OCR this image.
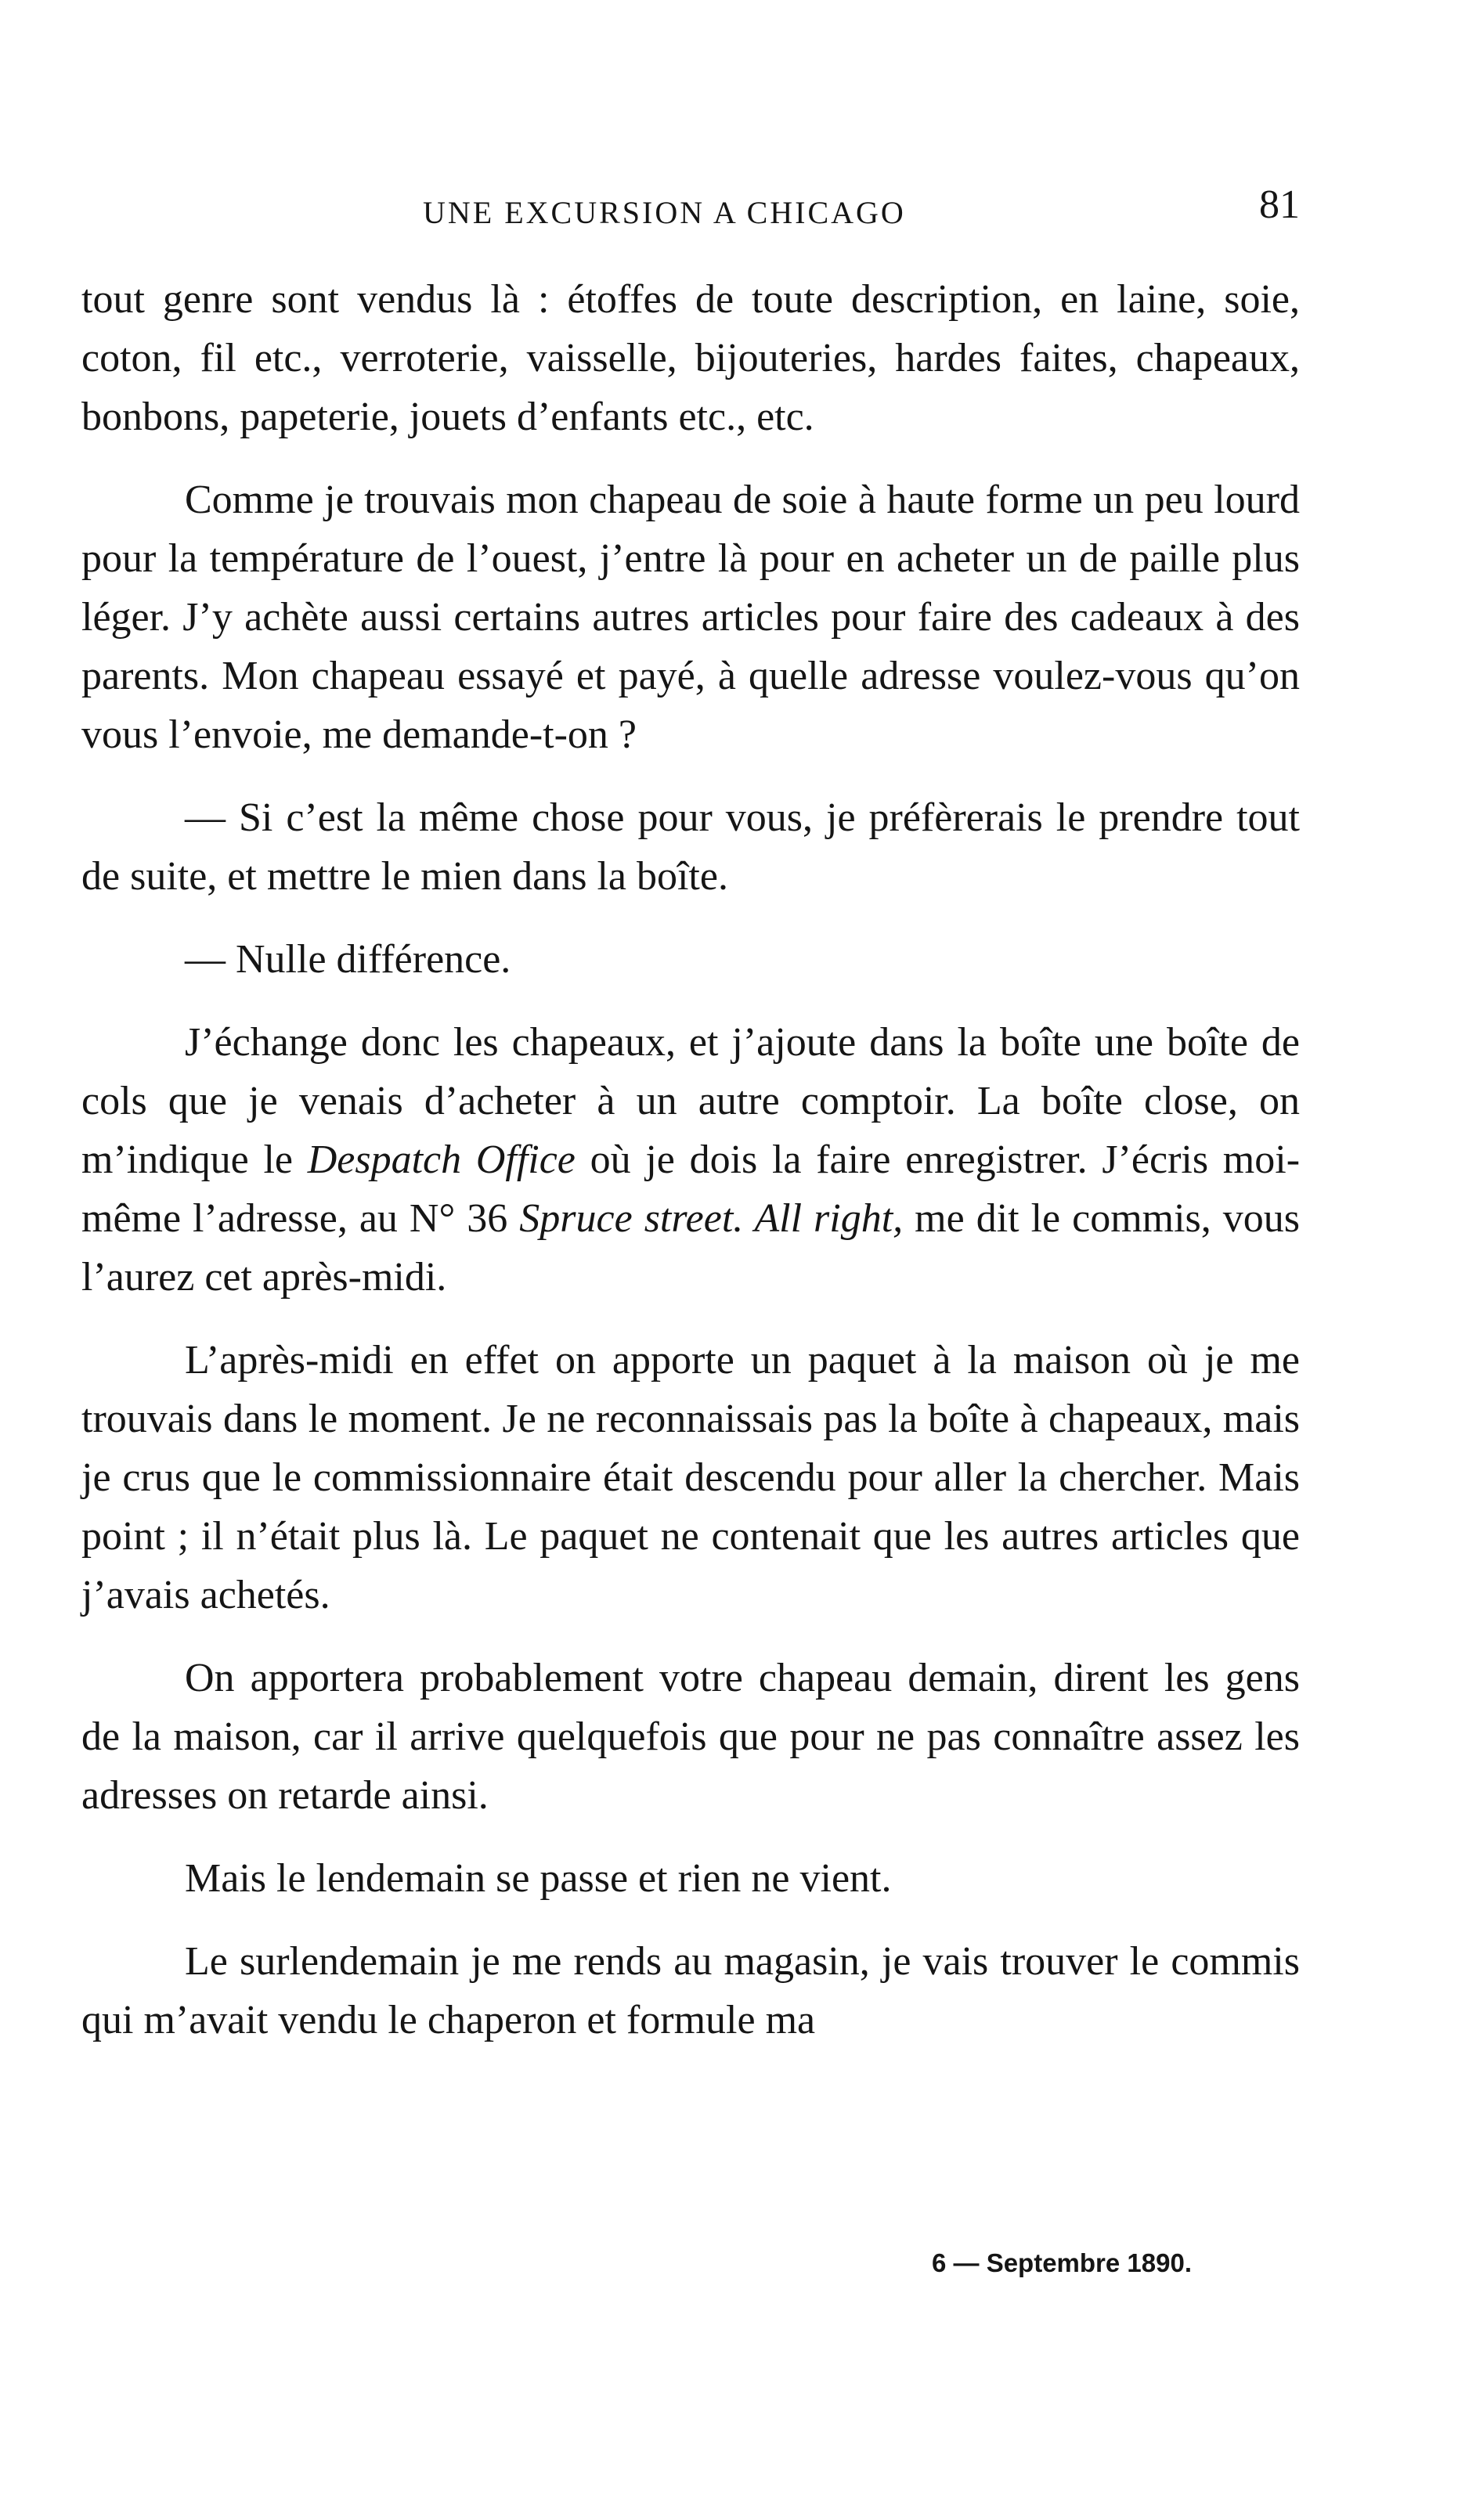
UNE EXCURSION A CHICAGO	81

tout genre sont vendus là : étoffes de toute description, en laine, soie, coton, fil etc., verroterie, vaisselle, bijouteries, hardes faites, chapeaux, bonbons, papeterie, jouets d’enfants etc., etc.

Comme je trouvais mon chapeau de soie à haute forme un peu lourd pour la température de l’ouest, j’entre là pour en acheter un de paille plus léger. J’y achète aussi certains autres articles pour faire des cadeaux à des parents. Mon chapeau essayé et payé, à quelle adresse voulez-vous qu’on vous l’envoie, me demande-t-on ?

— Si c’est la même chose pour vous, je préfèrerais le prendre tout de suite, et mettre le mien dans la boîte.

— Nulle différence.

J’échange donc les chapeaux, et j’ajoute dans la boîte une boîte de cols que je venais d’acheter à un autre comptoir. La boîte close, on m’indique le Despatch Office où je dois la faire enregistrer. J’écris moi-même l’adresse, au N° 36 Spruce street. All right, me dit le commis, vous l’aurez cet après-midi.

L’après-midi en effet on apporte un paquet à la maison où je me trouvais dans le moment. Je ne reconnaissais pas la boîte à chapeaux, mais je crus que le commissionnaire était descendu pour aller la chercher. Mais point ; il n’était plus là. Le paquet ne contenait que les autres articles que j’avais achetés.

On apportera probablement votre chapeau demain, dirent les gens de la maison, car il arrive quelquefois que pour ne pas connaître assez les adresses on retarde ainsi.

Mais le lendemain se passe et rien ne vient.

Le surlendemain je me rends au magasin, je vais trouver le commis qui m’avait vendu le chaperon et formule ma

6 — Septembre 1890.
